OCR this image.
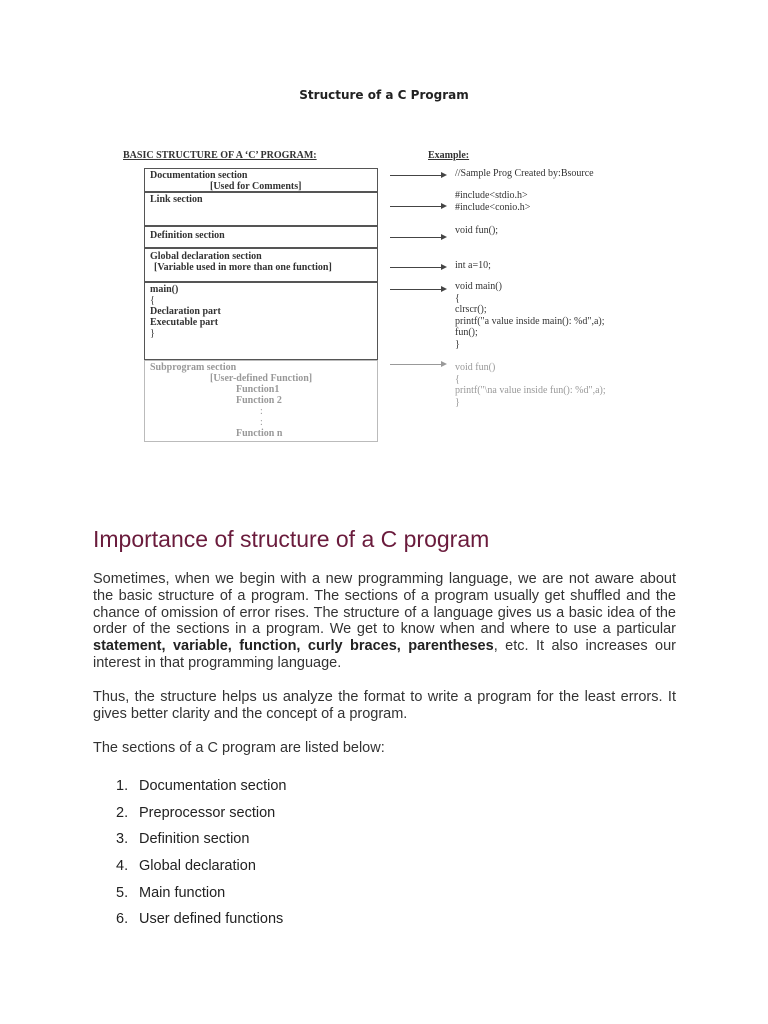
Structure of a C Program
BASIC STRUCTURE OF A ‘C’ PROGRAM:	Example:
Documentation section
[Used for Comments]
Link section
Definition section
Global declaration section
[Variable used in more than one function]
main()
{
Declaration part
Executable part
}
Subprogram section
[User-defined Function]
Function1
Function 2
:
:
Function n
//Sample Prog Created by:Bsource
#include<stdio.h>
#include<conio.h>
void fun();
int a=10;
void main()
{
clrscr();
printf("a value inside main(): %d",a);
fun();
}
void fun()
{
printf("\na value inside fun(): %d",a);
}
Importance of structure of a C program

Sometimes, when we begin with a new programming language, we are not aware about the basic structure of a program. The sections of a program usually get shuffled and the chance of omission of error rises. The structure of a language gives us a basic idea of the order of the sections in a program. We get to know when and where to use a particular statement, variable, function, curly braces, parentheses, etc. It also increases our interest in that programming language.

Thus, the structure helps us analyze the format to write a program for the least errors. It gives better clarity and the concept of a program.

The sections of a C program are listed below:

1. Documentation section
2. Preprocessor section
3. Definition section
4. Global declaration
5. Main function
6. User defined functions
